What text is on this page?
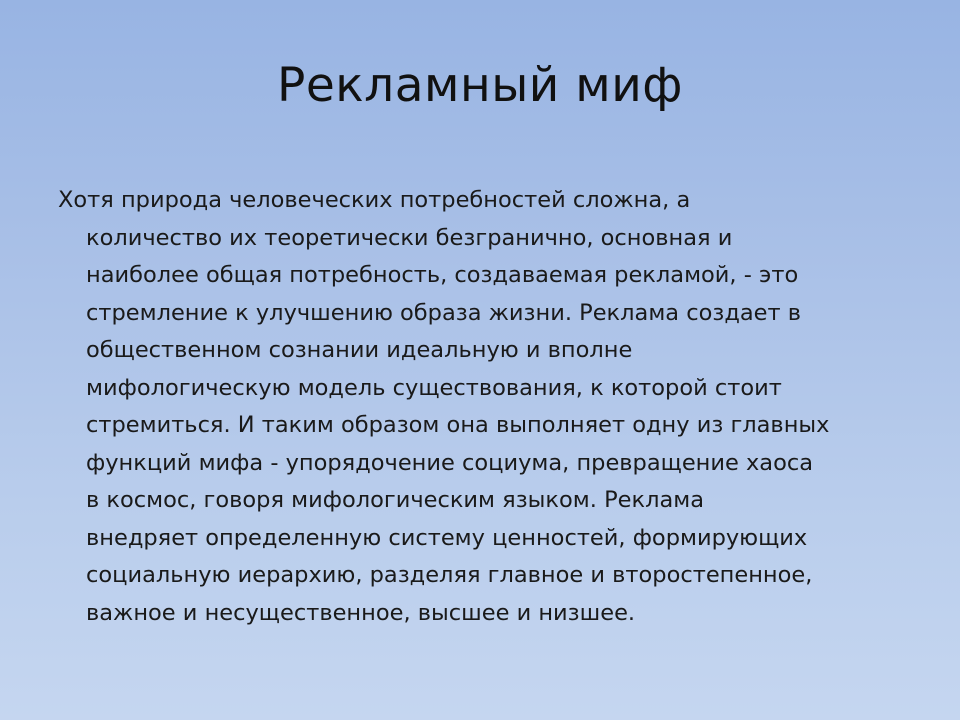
Рекламный миф
Хотя природа человеческих потребностей сложна, а
количество их теоретически безгранично, основная и
наиболее общая потребность, создаваемая рекламой, - это
стремление к улучшению образа жизни. Реклама создает в
общественном сознании идеальную и вполне
мифологическую модель существования, к которой стоит
стремиться. И таким образом она выполняет одну из главных
функций мифа - упорядочение социума, превращение хаоса
в космос, говоря мифологическим языком. Реклама
внедряет определенную систему ценностей, формирующих
социальную иерархию, разделяя главное и второстепенное,
важное и несущественное, высшее и низшее.
